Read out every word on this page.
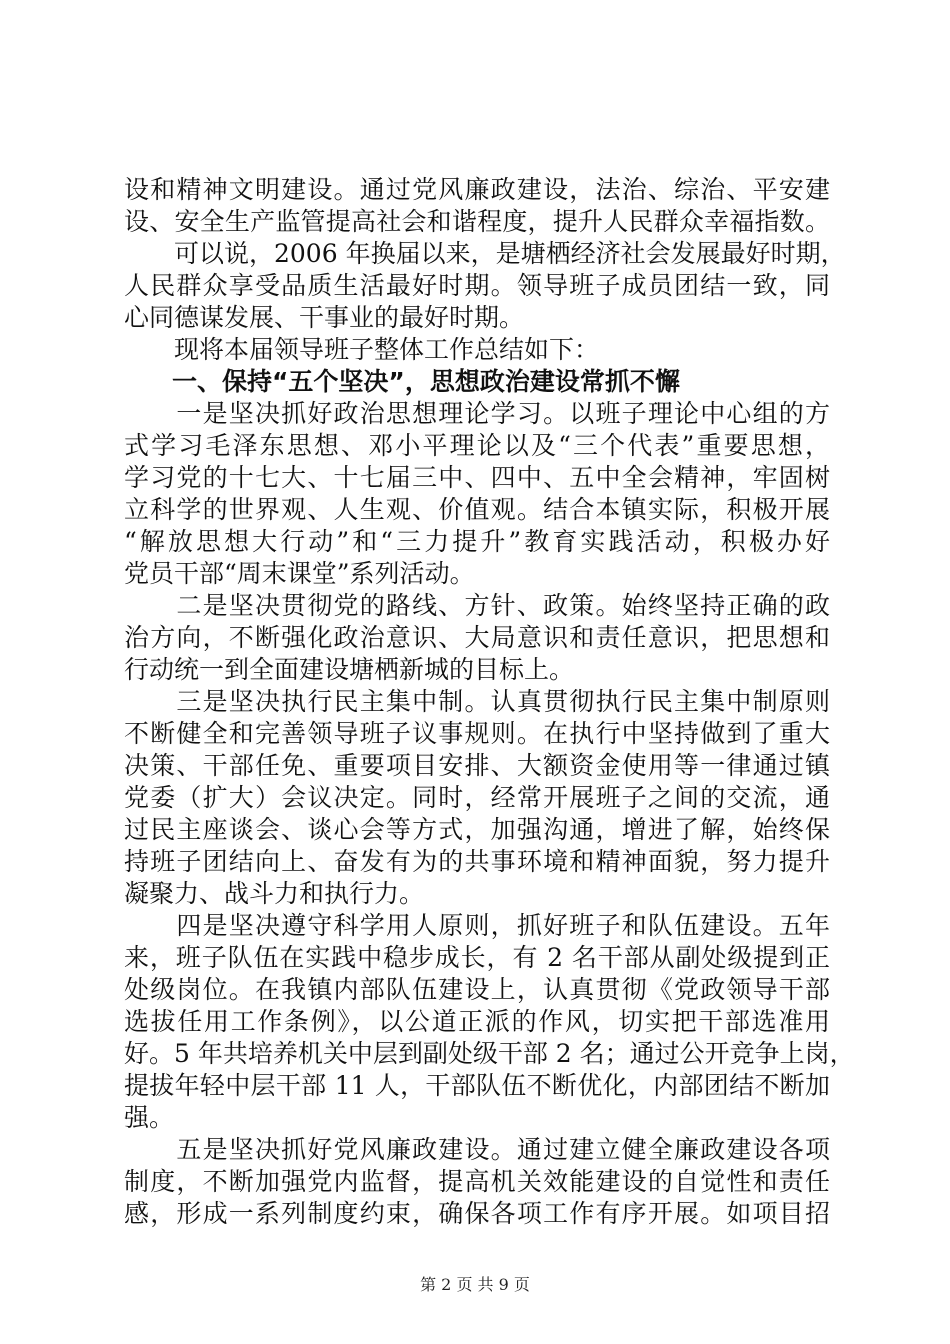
设和精神文明建设。通过党风廉政建设，法治、综治、平安建
设、安全生产监管提高社会和谐程度，提升人民群众幸福指数。
　　可以说，2006 年换届以来，是塘栖经济社会发展最好时期，
人民群众享受品质生活最好时期。领导班子成员团结一致，同
心同德谋发展、干事业的最好时期。
　　现将本届领导班子整体工作总结如下：
一、保持“五个坚决”，思想政治建设常抓不懈
　　一是坚决抓好政治思想理论学习。以班子理论中心组的方
式学习毛泽东思想、邓小平理论以及“三个代表”重要思想，
学习党的十七大、十七届三中、四中、五中全会精神，牢固树
立科学的世界观、人生观、价值观。结合本镇实际，积极开展
“解放思想大行动”和“三力提升”教育实践活动，积极办好
党员干部“周末课堂”系列活动。
　　二是坚决贯彻党的路线、方针、政策。始终坚持正确的政
治方向，不断强化政治意识、大局意识和责任意识，把思想和
行动统一到全面建设塘栖新城的目标上。
　　三是坚决执行民主集中制。认真贯彻执行民主集中制原则
不断健全和完善领导班子议事规则。在执行中坚持做到了重大
决策、干部任免、重要项目安排、大额资金使用等一律通过镇
党委（扩大）会议决定。同时，经常开展班子之间的交流，通
过民主座谈会、谈心会等方式，加强沟通，增进了解，始终保
持班子团结向上、奋发有为的共事环境和精神面貌，努力提升
凝聚力、战斗力和执行力。
　　四是坚决遵守科学用人原则，抓好班子和队伍建设。五年
来，班子队伍在实践中稳步成长，有 2 名干部从副处级提到正
处级岗位。在我镇内部队伍建设上，认真贯彻《党政领导干部
选拔任用工作条例》，以公道正派的作风，切实把干部选准用
好。5 年共培养机关中层到副处级干部 2 名；通过公开竞争上岗，
提拔年轻中层干部 11 人，干部队伍不断优化，内部团结不断加
强。
　　五是坚决抓好党风廉政建设。通过建立健全廉政建设各项
制度，不断加强党内监督，提高机关效能建设的自觉性和责任
感，形成一系列制度约束，确保各项工作有序开展。如项目招
第 2 页 共 9 页
